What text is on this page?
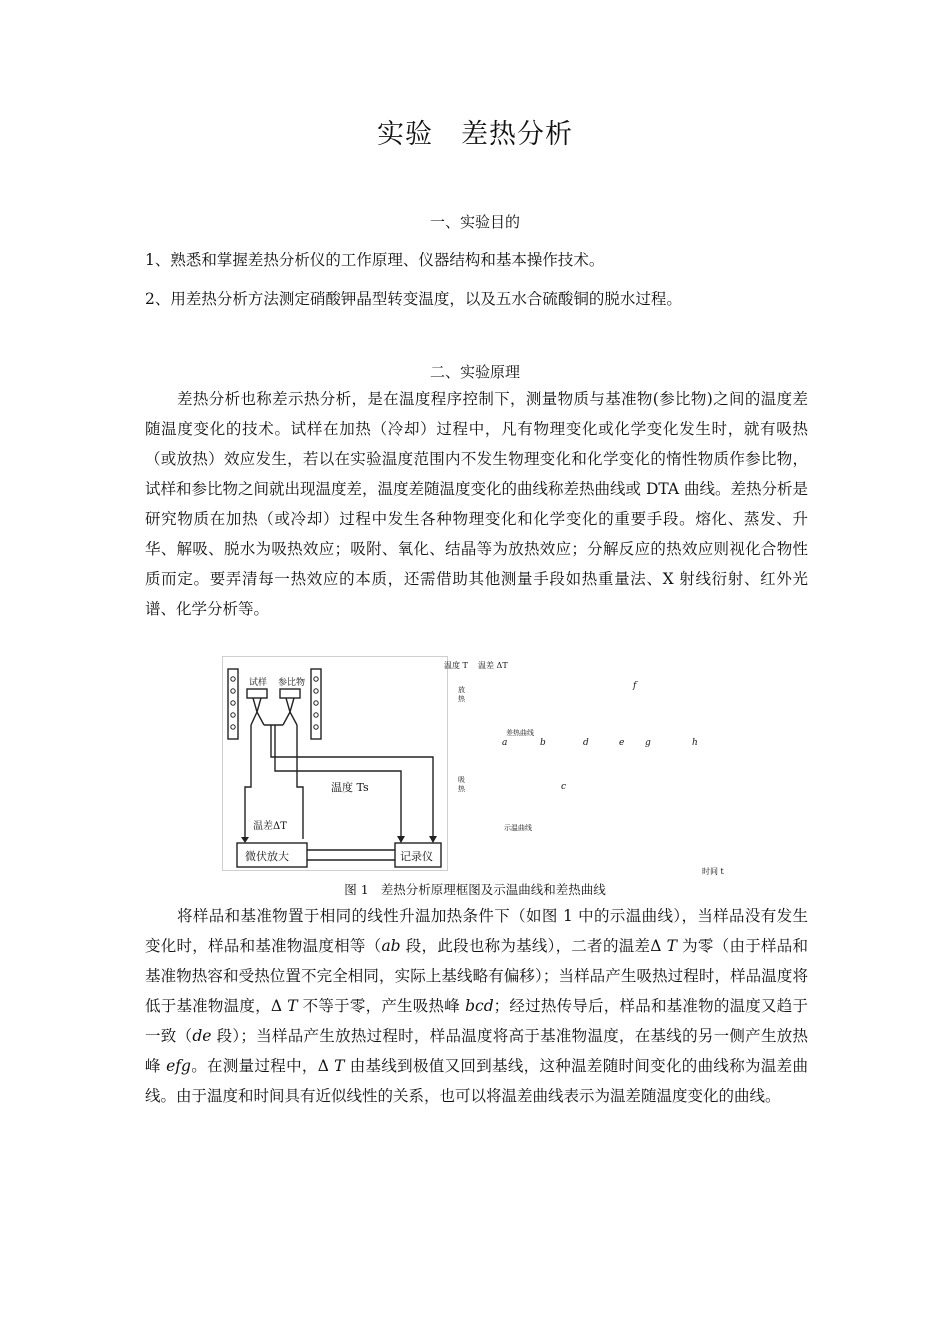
实验 差热分析
一、实验目的
1、熟悉和掌握差热分析仪的工作原理、仪器结构和基本操作技术。
2、用差热分析方法测定硝酸钾晶型转变温度，以及五水合硫酸铜的脱水过程。
二、实验原理
差热分析也称差示热分析，是在温度程序控制下，测量物质与基准物(参比物)之间的温度差随温度变化的技术。试样在加热（冷却）过程中，凡有物理变化或化学变化发生时，就有吸热（或放热）效应发生，若以在实验温度范围内不发生物理变化和化学变化的惰性物质作参比物，试样和参比物之间就出现温度差，温度差随温度变化的曲线称差热曲线或 DTA 曲线。差热分析是研究物质在加热（或冷却）过程中发生各种物理变化和化学变化的重要手段。熔化、蒸发、升华、解吸、脱水为吸热效应；吸附、氧化、结晶等为放热效应；分解反应的热效应则视化合物性质而定。要弄清每一热效应的本质，还需借助其他测量手段如热重量法、X 射线衍射、红外光谱、化学分析等。
试样 参比物
温度 Ts
温差ΔT
微伏放大	记录仪
温度 T 温差 ΔT
放热
吸热
差热曲线
示温曲线
时间 t
a	b
c
d	e
f
g	h
图 1 差热分析原理框图及示温曲线和差热曲线
将样品和基准物置于相同的线性升温加热条件下（如图 1 中的示温曲线），当样品没有发生变化时，样品和基准物温度相等（ab 段，此段也称为基线），二者的温差Δ T 为零（由于样品和基准物热容和受热位置不完全相同，实际上基线略有偏移）；当样品产生吸热过程时，样品温度将低于基准物温度，Δ T 不等于零，产生吸热峰 bcd；经过热传导后，样品和基准物的温度又趋于一致（de 段）；当样品产生放热过程时，样品温度将高于基准物温度，在基线的另一侧产生放热峰 efg。在测量过程中，Δ T 由基线到极值又回到基线，这种温差随时间变化的曲线称为温差曲线。由于温度和时间具有近似线性的关系，也可以将温差曲线表示为温差随温度变化的曲线。
